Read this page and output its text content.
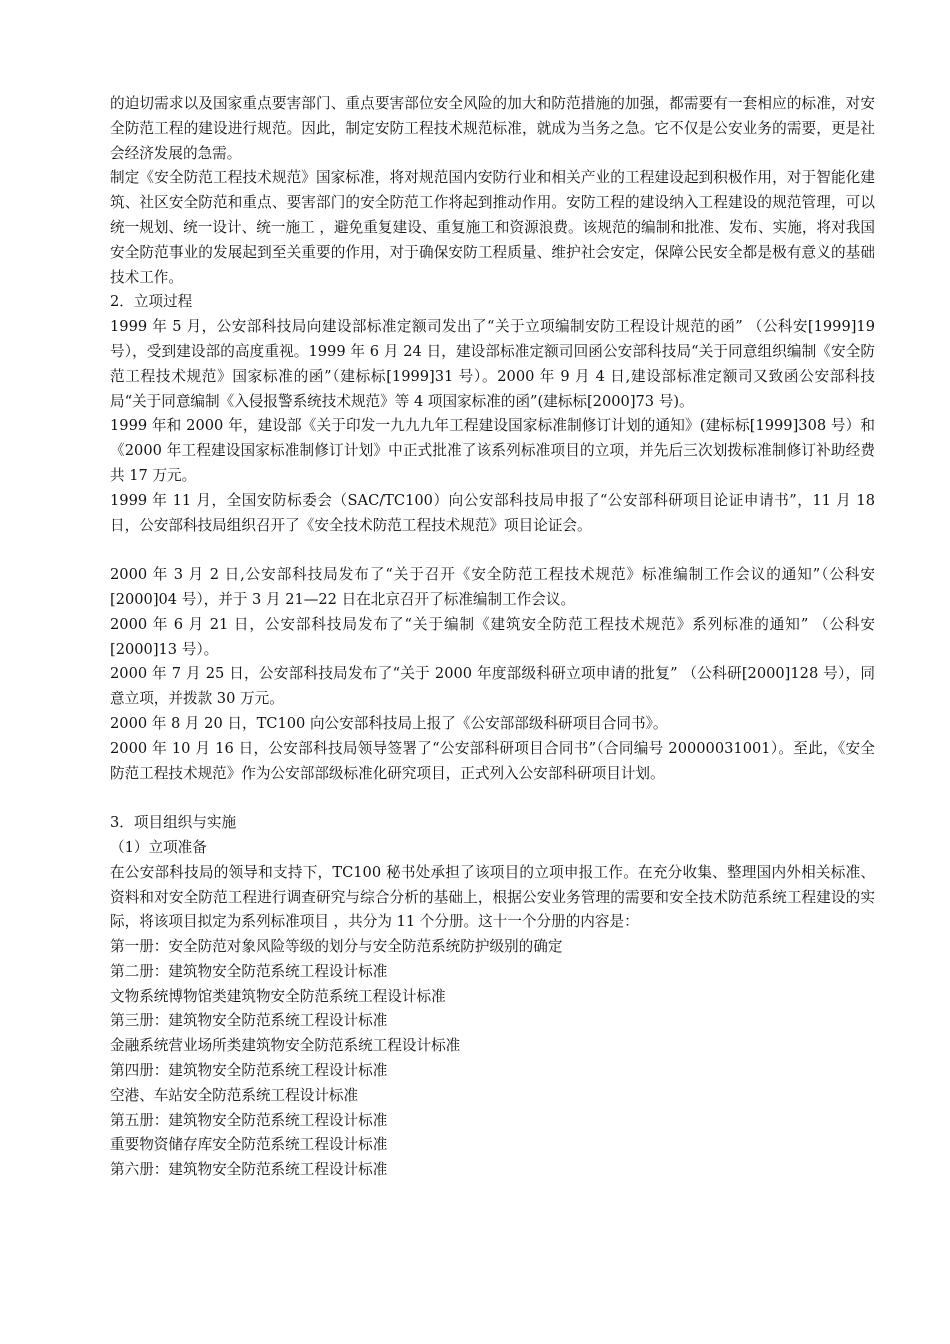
的迫切需求以及国家重点要害部门、重点要害部位安全风险的加大和防范措施的加强，都需要有一套相应的标准，对安全防范工程的建设进行规范。因此，制定安防工程技术规范标准，就成为当务之急。它不仅是公安业务的需要，更是社会经济发展的急需。

制定《安全防范工程技术规范》国家标准，将对规范国内安防行业和相关产业的工程建设起到积极作用，对于智能化建筑、社区安全防范和重点、要害部门的安全防范工作将起到推动作用。安防工程的建设纳入工程建设的规范管理，可以统一规划、统一设计、统一施工 ，避免重复建设、重复施工和资源浪费。该规范的编制和批准、发布、实施，将对我国安全防范事业的发展起到至关重要的作用，对于确保安防工程质量、维护社会安定，保障公民安全都是极有意义的基础技术工作。

2．立项过程

1999 年 5 月，公安部科技局向建设部标准定额司发出了“关于立项编制安防工程设计规范的函” （公科安[1999]19 号），受到建设部的高度重视。1999 年 6 月 24 日，建设部标准定额司回函公安部科技局“关于同意组织编制《安全防范工程技术规范》国家标准的函”（建标标[1999]31 号）。2000 年 9 月 4 日,建设部标准定额司又致函公安部科技局“关于同意编制《入侵报警系统技术规范》等 4 项国家标准的函”(建标标[2000]73 号)。

1999 年和 2000 年，建设部《关于印发一九九九年工程建设国家标准制修订计划的通知》(建标标[1999]308 号）和《2000 年工程建设国家标准制修订计划》中正式批准了该系列标准项目的立项，并先后三次划拨标准制修订补助经费共 17 万元。

1999 年 11 月，全国安防标委会（SAC/TC100）向公安部科技局申报了“公安部科研项目论证申请书”，11 月 18 日，公安部科技局组织召开了《安全技术防范工程技术规范》项目论证会。

2000 年 3 月 2 日,公安部科技局发布了“关于召开《安全防范工程技术规范》标准编制工作会议的通知”（公科安[2000]04 号），并于 3 月 21—22 日在北京召开了标准编制工作会议。

2000 年 6 月 21 日，公安部科技局发布了“关于编制《建筑安全防范工程技术规范》系列标准的通知” （公科安[2000]13 号）。

2000 年 7 月 25 日，公安部科技局发布了“关于 2000 年度部级科研立项申请的批复” （公科研[2000]128 号），同意立项，并拨款 30 万元。

2000 年 8 月 20 日，TC100 向公安部科技局上报了《公安部部级科研项目合同书》。

2000 年 10 月 16 日，公安部科技局领导签署了“公安部科研项目合同书”（合同编号 20000031001）。至此，《安全防范工程技术规范》作为公安部部级标准化研究项目，正式列入公安部科研项目计划。

3．项目组织与实施

（1）立项准备

在公安部科技局的领导和支持下，TC100 秘书处承担了该项目的立项申报工作。在充分收集、整理国内外相关标准、资料和对安全防范工程进行调查研究与综合分析的基础上，根据公安业务管理的需要和安全技术防范系统工程建设的实际，将该项目拟定为系列标准项目 ，共分为 11 个分册。这十一个分册的内容是：

第一册：安全防范对象风险等级的划分与安全防范系统防护级别的确定

第二册：建筑物安全防范系统工程设计标准

文物系统博物馆类建筑物安全防范系统工程设计标准

第三册：建筑物安全防范系统工程设计标准

金融系统营业场所类建筑物安全防范系统工程设计标准

第四册：建筑物安全防范系统工程设计标准

空港、车站安全防范系统工程设计标准

第五册：建筑物安全防范系统工程设计标准

重要物资储存库安全防范系统工程设计标准

第六册：建筑物安全防范系统工程设计标准
